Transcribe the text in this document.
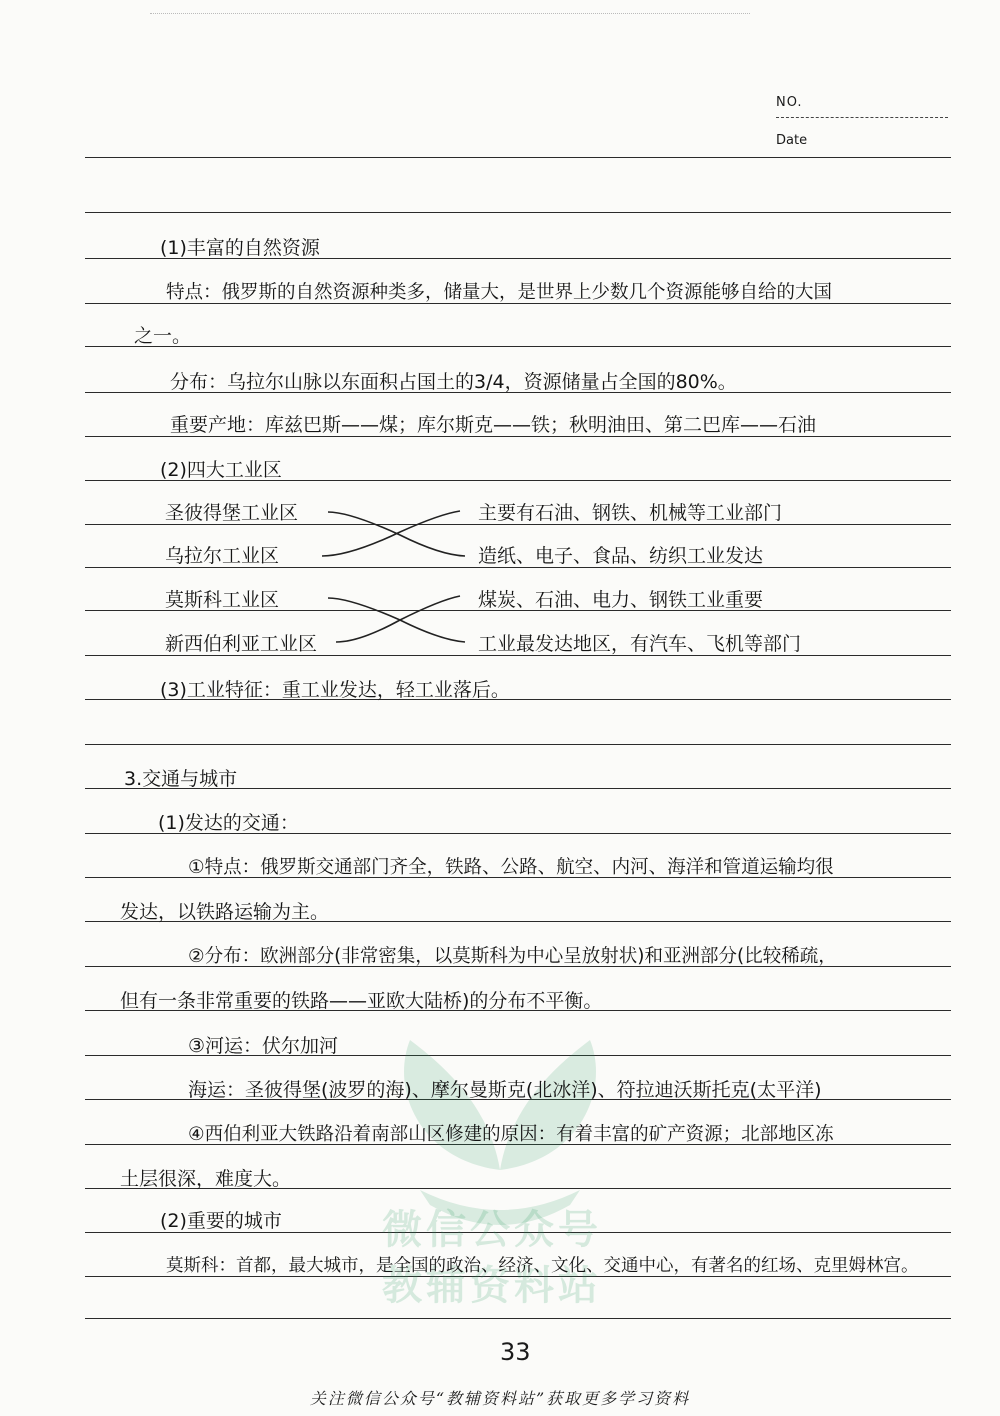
NO.
Date
微信公众号
教辅资料站
(1)丰富的自然资源
特点：俄罗斯的自然资源种类多，储量大，是世界上少数几个资源能够自给的大国
之一。
分布：乌拉尔山脉以东面积占国土的3/4，资源储量占全国的80%。
重要产地：库兹巴斯——煤；库尔斯克——铁；秋明油田、第二巴库——石油
(2)四大工业区
圣彼得堡工业区
乌拉尔工业区
莫斯科工业区
新西伯利亚工业区
主要有石油、钢铁、机械等工业部门
造纸、电子、食品、纺织工业发达
煤炭、石油、电力、钢铁工业重要
工业最发达地区，有汽车、飞机等部门
(3)工业特征：重工业发达，轻工业落后。
3.交通与城市
(1)发达的交通：
①特点：俄罗斯交通部门齐全，铁路、公路、航空、内河、海洋和管道运输均很
发达，以铁路运输为主。
②分布：欧洲部分(非常密集，以莫斯科为中心呈放射状)和亚洲部分(比较稀疏，
但有一条非常重要的铁路——亚欧大陆桥)的分布不平衡。
③河运：伏尔加河
海运：圣彼得堡(波罗的海)、摩尔曼斯克(北冰洋)、符拉迪沃斯托克(太平洋)
④西伯利亚大铁路沿着南部山区修建的原因：有着丰富的矿产资源；北部地区冻
土层很深，难度大。
(2)重要的城市
莫斯科：首都，最大城市，是全国的政治、经济、文化、交通中心，有著名的红场、克里姆林宫。
33
关注微信公众号“教辅资料站”获取更多学习资料
